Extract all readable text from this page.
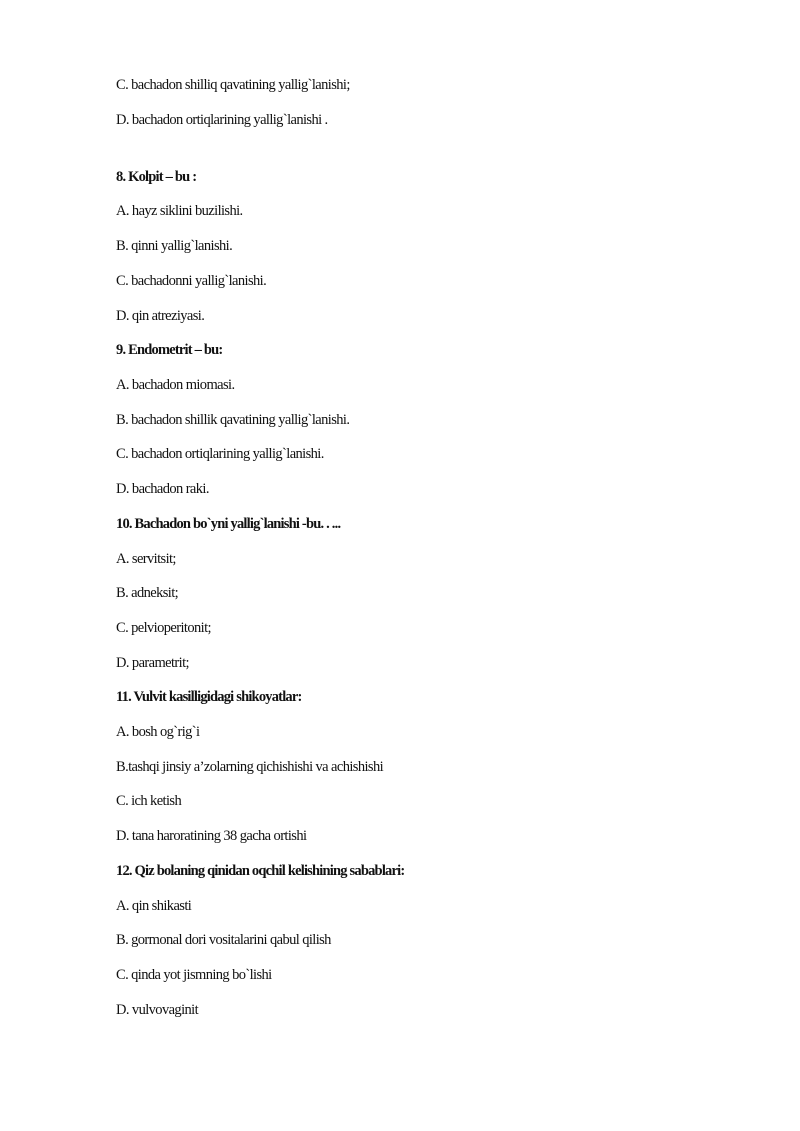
C. bachadon shilliq qavatining yallig`lanishi;
D. bachadon ortiqlarining yallig`lanishi .
8. Kolpit – bu :
A. hayz siklini buzilishi.
B. qinni yallig`lanishi.
C. bachadonni yallig`lanishi.
D. qin atreziyasi.
9. Endometrit – bu:
A. bachadon miomasi.
B. bachadon shillik qavatining yallig`lanishi.
C. bachadon ortiqlarining yallig`lanishi.
D. bachadon raki.
10. Bachadon bo`yni yallig`lanishi -bu. . ...
A. servitsit;
B. adneksit;
C. pelvioperitonit;
D. parametrit;
11. Vulvit kasilligidagi shikoyatlar:
A. bosh og`rig`i
B.tashqi jinsiy a’zolarning qichishishi va achishishi
C. ich ketish
D. tana haroratining 38 gacha ortishi
12. Qiz bolaning qinidan oqchil kelishining sabablari:
A. qin shikasti
B. gormonal dori vositalarini qabul qilish
C. qinda yot jismning bo`lishi
D. vulvovaginit
